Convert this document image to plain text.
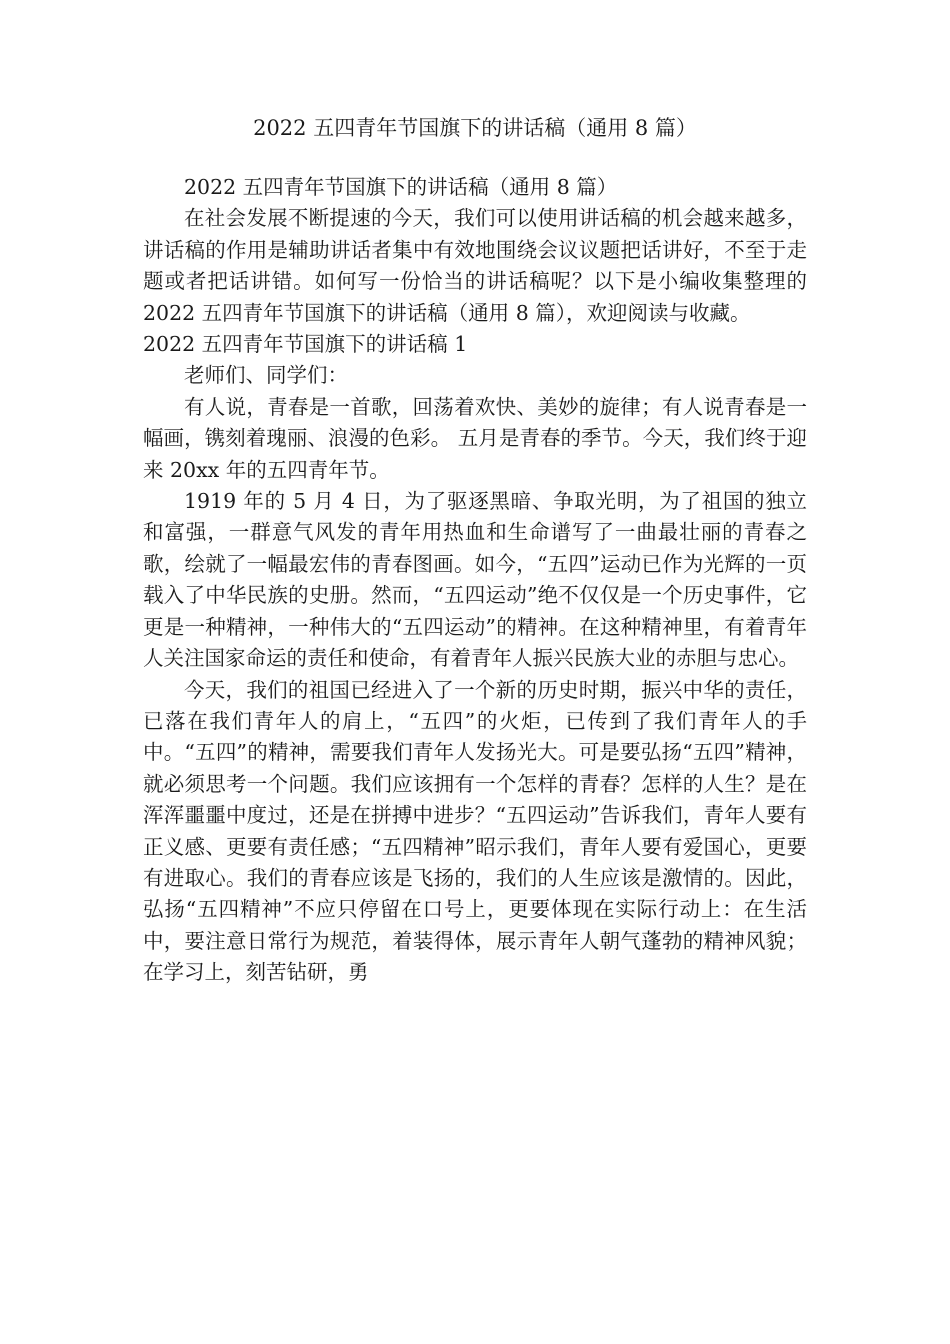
2022 五四青年节国旗下的讲话稿（通用 8 篇）

2022 五四青年节国旗下的讲话稿（通用 8 篇）

在社会发展不断提速的今天，我们可以使用讲话稿的机会越来越多，讲话稿的作用是辅助讲话者集中有效地围绕会议议题把话讲好，不至于走题或者把话讲错。如何写一份恰当的讲话稿呢？以下是小编收集整理的2022 五四青年节国旗下的讲话稿（通用 8 篇），欢迎阅读与收藏。

2022 五四青年节国旗下的讲话稿 1

老师们、同学们：

有人说，青春是一首歌，回荡着欢快、美妙的旋律；有人说青春是一幅画，镌刻着瑰丽、浪漫的色彩。 五月是青春的季节。今天，我们终于迎来 20xx 年的五四青年节。

1919 年的 5 月 4 日，为了驱逐黑暗、争取光明，为了祖国的独立和富强，一群意气风发的青年用热血和生命谱写了一曲最壮丽的青春之歌，绘就了一幅最宏伟的青春图画。如今，“五四”运动已作为光辉的一页载入了中华民族的史册。然而，“五四运动”绝不仅仅是一个历史事件，它更是一种精神，一种伟大的“五四运动”的精神。在这种精神里，有着青年人关注国家命运的责任和使命，有着青年人振兴民族大业的赤胆与忠心。

今天，我们的祖国已经进入了一个新的历史时期，振兴中华的责任，已落在我们青年人的肩上，“五四”的火炬，已传到了我们青年人的手中。“五四”的精神，需要我们青年人发扬光大。可是要弘扬“五四”精神，就必须思考一个问题。我们应该拥有一个怎样的青春？怎样的人生？是在浑浑噩噩中度过，还是在拼搏中进步？“五四运动”告诉我们，青年人要有正义感、更要有责任感；“五四精神”昭示我们，青年人要有爱国心，更要有进取心。我们的青春应该是飞扬的，我们的人生应该是激情的。因此，弘扬“五四精神”不应只停留在口号上，更要体现在实际行动上：在生活中，要注意日常行为规范，着装得体，展示青年人朝气蓬勃的精神风貌；在学习上，刻苦钻研，勇
